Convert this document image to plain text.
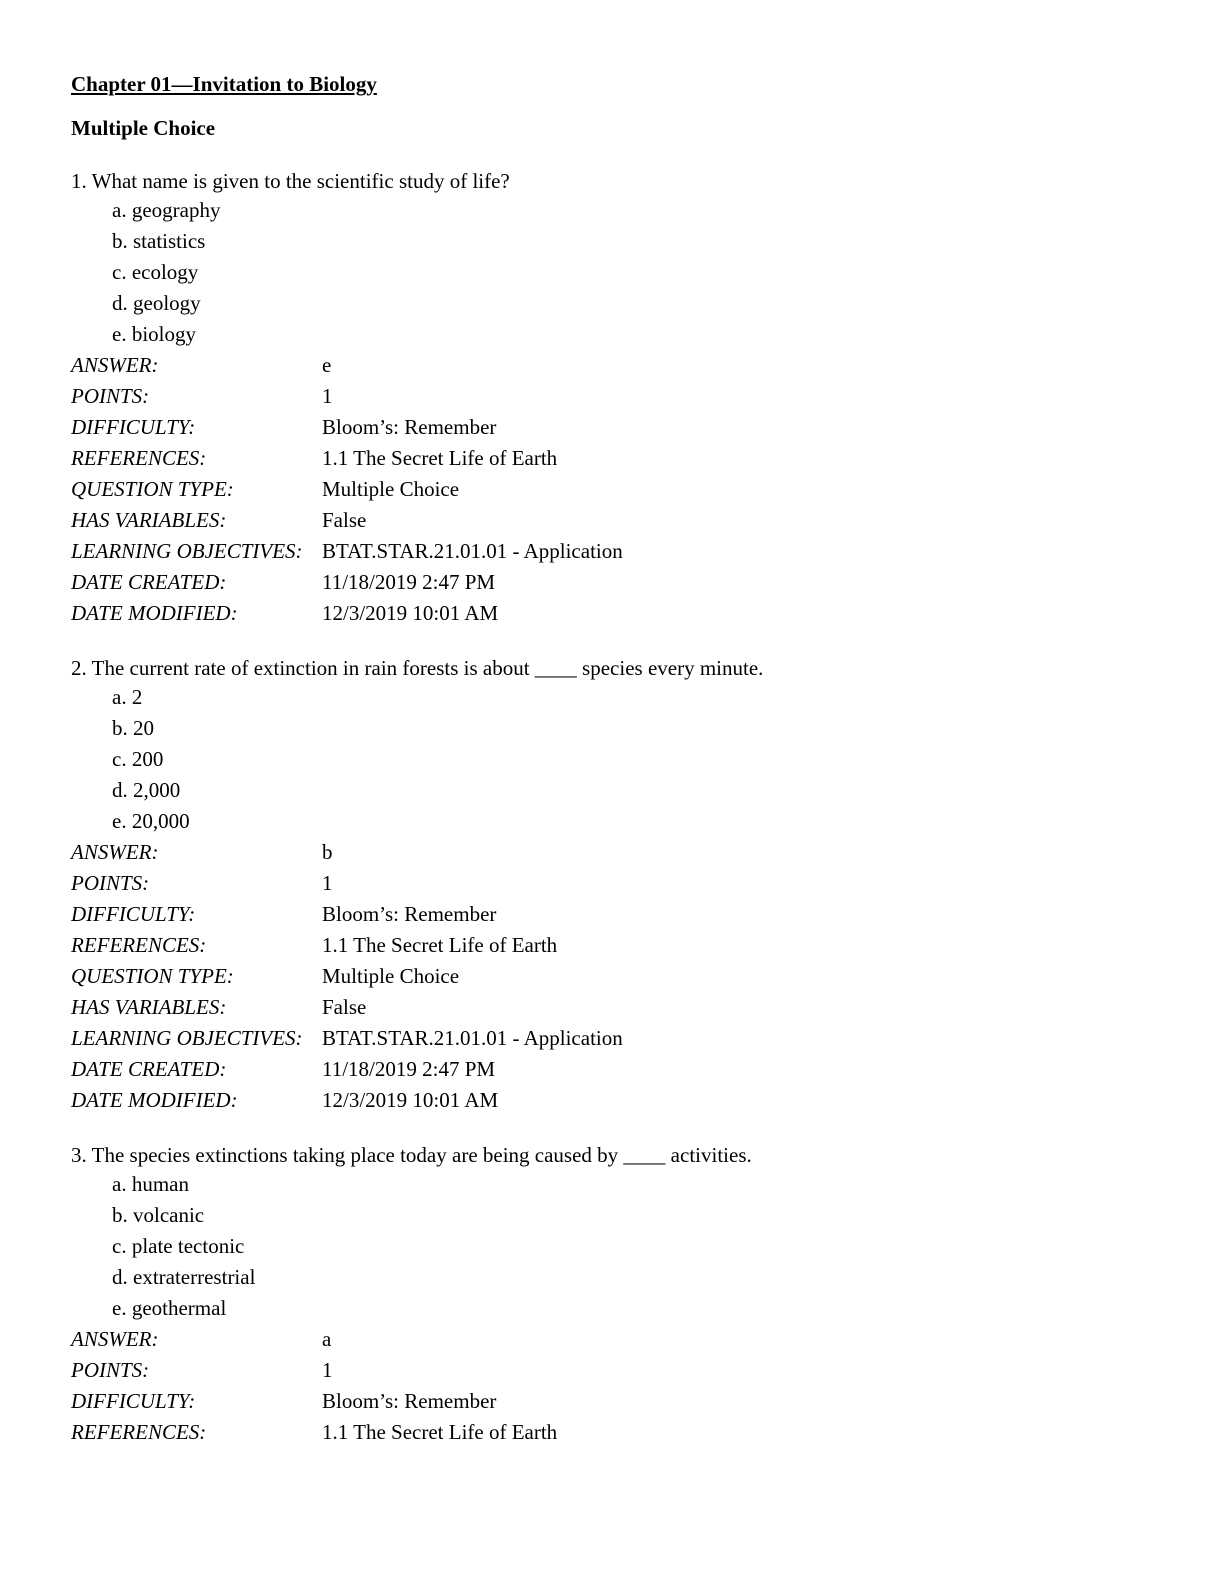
Chapter 01—Invitation to Biology
Multiple Choice
1. What name is given to the scientific study of life?
a. geography
b. statistics
c. ecology
d. geology
e. biology
ANSWER:	e
POINTS:	1
DIFFICULTY:	Bloom’s: Remember
REFERENCES:	1.1 The Secret Life of Earth
QUESTION TYPE:	Multiple Choice
HAS VARIABLES:	False
LEARNING OBJECTIVES:	BTAT.STAR.21.01.01 - Application
DATE CREATED:	11/18/2019 2:47 PM
DATE MODIFIED:	12/3/2019 10:01 AM
2. The current rate of extinction in rain forests is about ____ species every minute.
a. 2
b. 20
c. 200
d. 2,000
e. 20,000
ANSWER:	b
POINTS:	1
DIFFICULTY:	Bloom’s: Remember
REFERENCES:	1.1 The Secret Life of Earth
QUESTION TYPE:	Multiple Choice
HAS VARIABLES:	False
LEARNING OBJECTIVES:	BTAT.STAR.21.01.01 - Application
DATE CREATED:	11/18/2019 2:47 PM
DATE MODIFIED:	12/3/2019 10:01 AM
3. The species extinctions taking place today are being caused by ____ activities.
a. human
b. volcanic
c. plate tectonic
d. extraterrestrial
e. geothermal
ANSWER:	a
POINTS:	1
DIFFICULTY:	Bloom’s: Remember
REFERENCES:	1.1 The Secret Life of Earth
